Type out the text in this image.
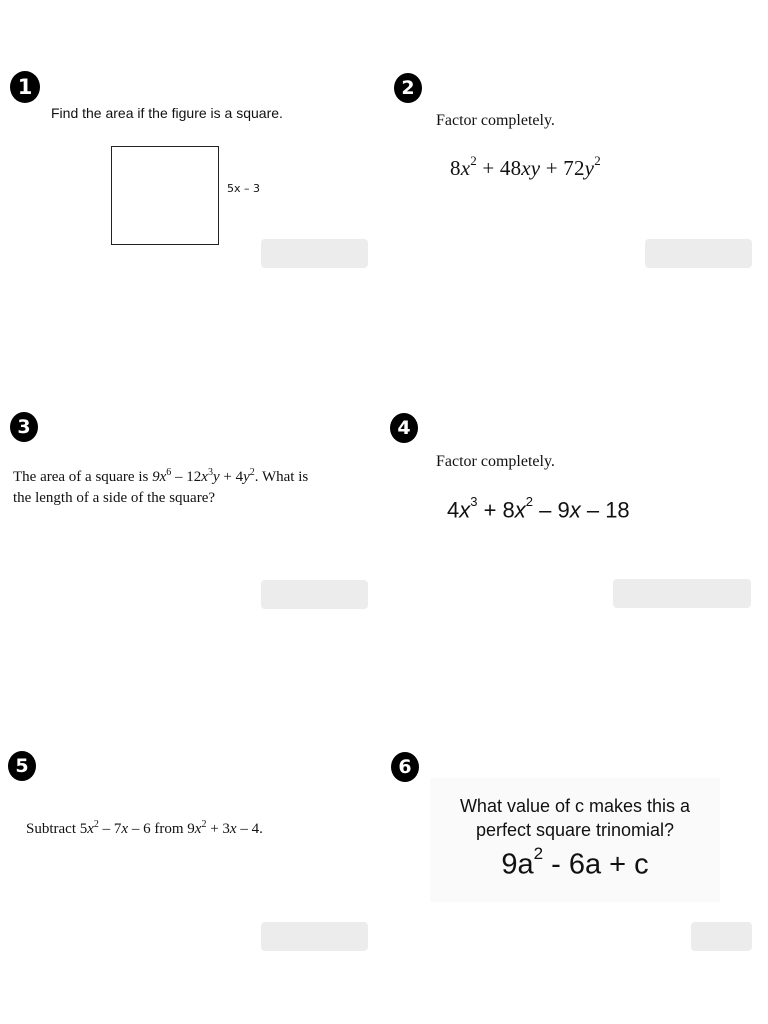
1
Find the area if the figure is a square.
5x – 3
2
Factor completely.
$8x^2 + 48xy + 72y^2$
3
The area of a square is $9x^6 - 12x^3y + 4y^2$. What is
the length of a side of the square?
4
Factor completely.
$4x^3 + 8x^2 - 9x - 18$
5
Subtract $5x^2 - 7x - 6$ from $9x^2 + 3x - 4$.
6
What value of c makes this a
perfect square trinomial?
$9a^2 - 6a + c$
